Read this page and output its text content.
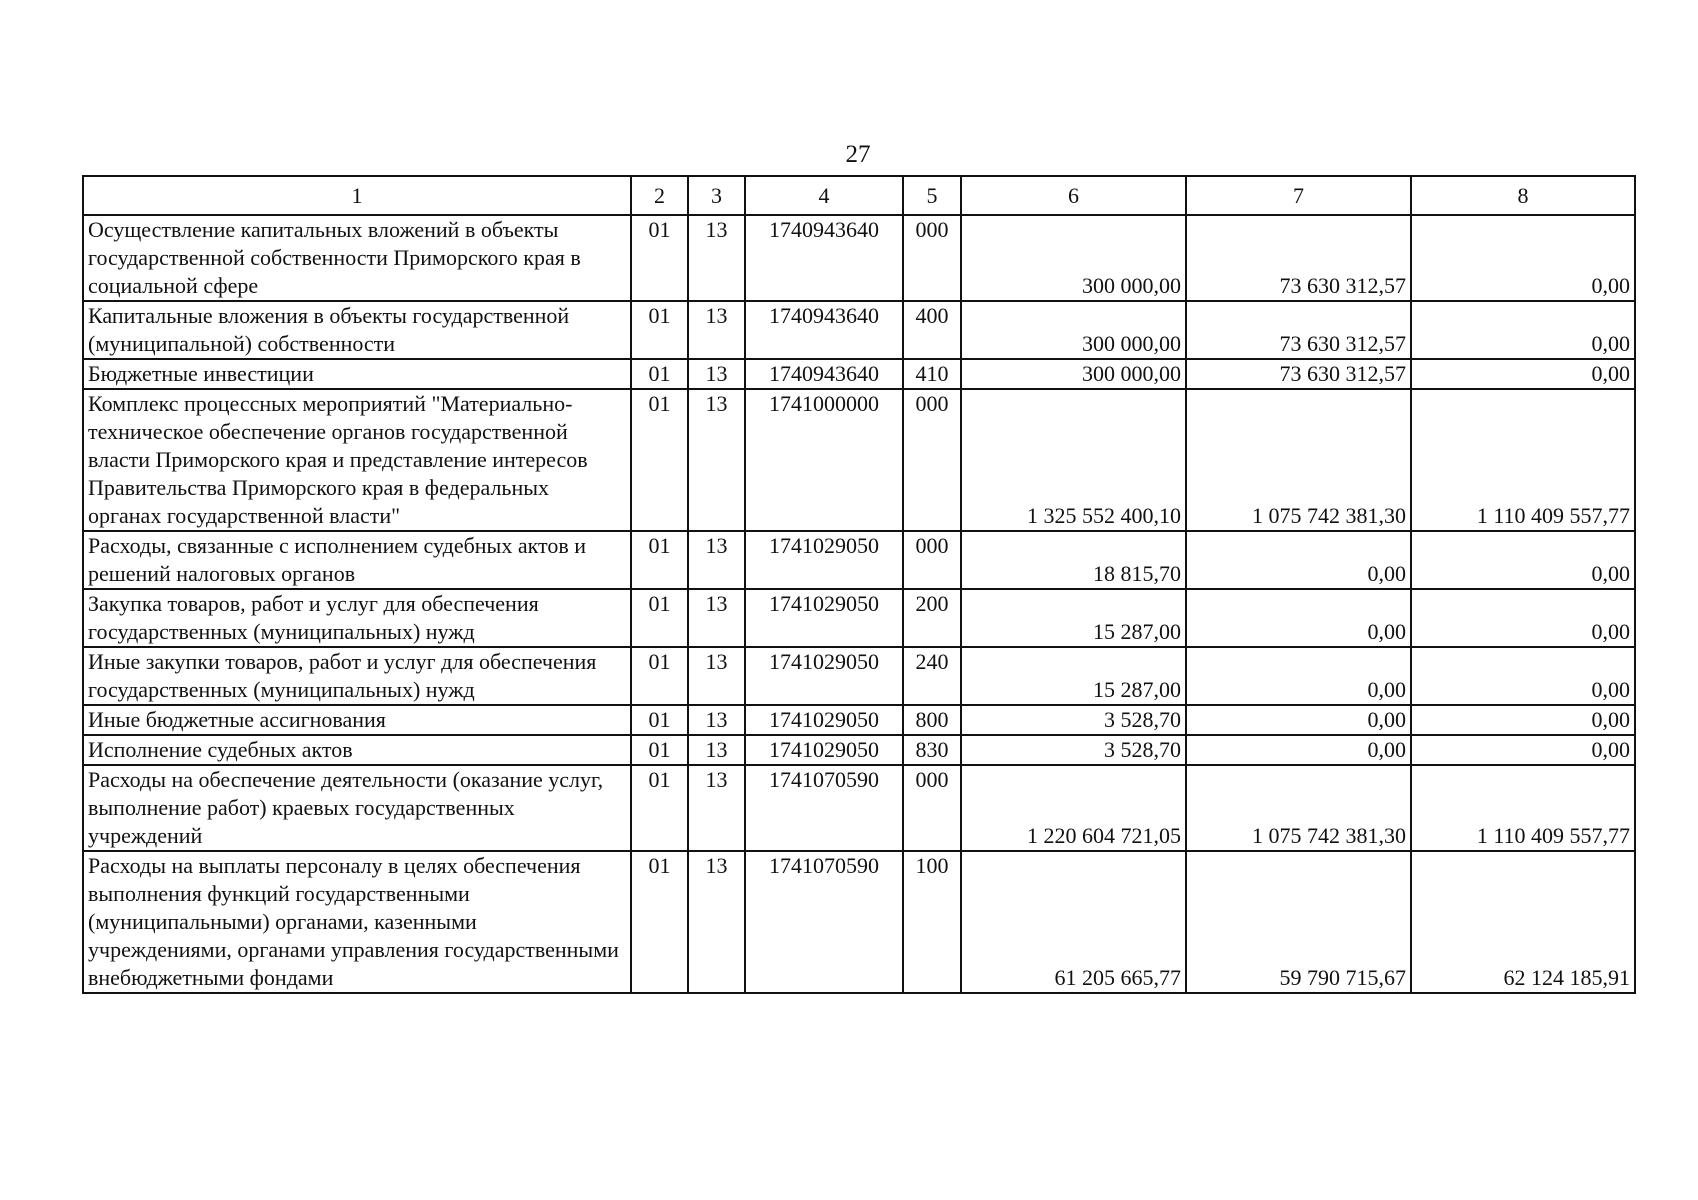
27
1	2	3	4	5	6	7	8
Осуществление капитальных вложений в объекты государственной собственности Приморского края в социальной сфере	01	13	1740943640	000	300 000,00	73 630 312,57	0,00
Капитальные вложения в объекты государственной (муниципальной) собственности	01	13	1740943640	400	300 000,00	73 630 312,57	0,00
Бюджетные инвестиции	01	13	1740943640	410	300 000,00	73 630 312,57	0,00
Комплекс процессных мероприятий "Материально-техническое обеспечение органов государственной власти Приморского края и представление интересов Правительства Приморского края в федеральных органах государственной власти"	01	13	1741000000	000	1 325 552 400,10	1 075 742 381,30	1 110 409 557,77
Расходы, связанные с исполнением судебных актов и решений налоговых органов	01	13	1741029050	000	18 815,70	0,00	0,00
Закупка товаров, работ и услуг для обеспечения государственных (муниципальных) нужд	01	13	1741029050	200	15 287,00	0,00	0,00
Иные закупки товаров, работ и услуг для обеспечения государственных (муниципальных) нужд	01	13	1741029050	240	15 287,00	0,00	0,00
Иные бюджетные ассигнования	01	13	1741029050	800	3 528,70	0,00	0,00
Исполнение судебных актов	01	13	1741029050	830	3 528,70	0,00	0,00
Расходы на обеспечение деятельности (оказание услуг, выполнение работ) краевых государственных учреждений	01	13	1741070590	000	1 220 604 721,05	1 075 742 381,30	1 110 409 557,77
Расходы на выплаты персоналу в целях обеспечения выполнения функций государственными (муниципальными) органами, казенными учреждениями, органами управления государственными внебюджетными фондами	01	13	1741070590	100	61 205 665,77	59 790 715,67	62 124 185,91
